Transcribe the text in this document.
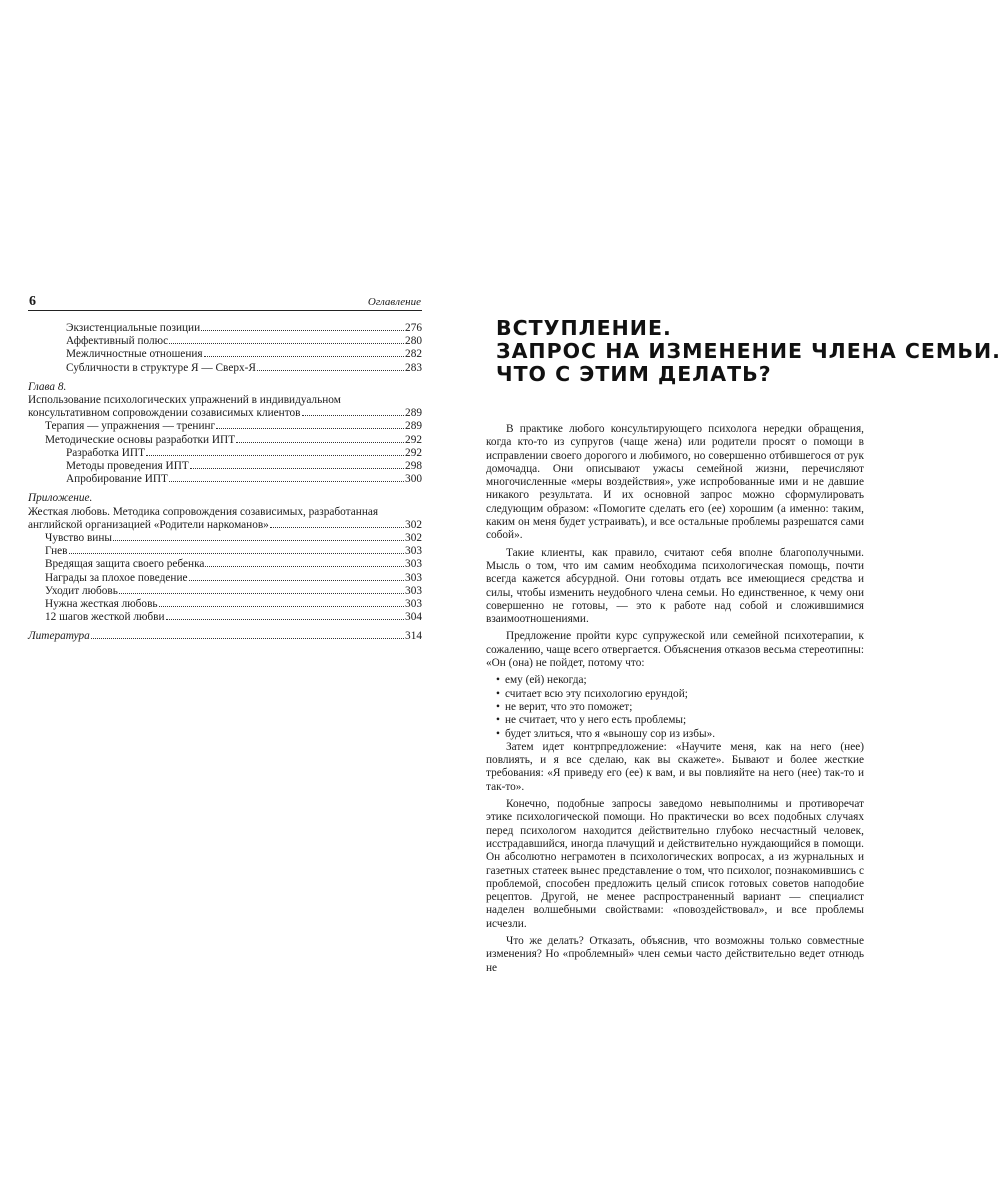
6	Оглавление
Экзистенциальные позиции	276
Аффективный полюс	280
Межличностные отношения	282
Субличности в структуре Я — Сверх-Я	283
Глава 8.
Использование психологических упражнений в индивидуальном
консультативном сопровождении созависимых клиентов	289
Терапия — упражнения — тренинг	289
Методические основы разработки ИПТ	292
Разработка ИПТ	292
Методы проведения ИПТ	298
Апробирование ИПТ	300
Приложение.
Жесткая любовь. Методика сопровождения созависимых, разработанная
английской организацией «Родители наркоманов»	302
Чувство вины	302
Гнев	303
Вредящая защита своего ребенка	303
Награды за плохое поведение	303
Уходит любовь	303
Нужна жесткая любовь	303
12 шагов жесткой любви	304
Литература	314
ВСТУПЛЕНИЕ.
ЗАПРОС НА ИЗМЕНЕНИЕ ЧЛЕНА СЕМЬИ.
ЧТО С ЭТИМ ДЕЛАТЬ?

В практике любого консультирующего психолога нередки обращения, когда кто-то из супругов (чаще жена) или родители просят о помощи в исправлении своего дорогого и любимого, но совершенно отбившегося от рук домочадца. Они описывают ужасы семейной жизни, перечисляют многочисленные «меры воздействия», уже испробованные ими и не давшие никакого результата. И их основной запрос можно сформулировать следующим образом: «Помогите сделать его (ее) хорошим (а именно: таким, каким он меня будет устраивать), и все остальные проблемы разрешатся сами собой».

Такие клиенты, как правило, считают себя вполне благополучными. Мысль о том, что им самим необходима психологическая помощь, почти всегда кажется абсурдной. Они готовы отдать все имеющиеся средства и силы, чтобы изменить неудобного члена семьи. Но единственное, к чему они совершенно не готовы, — это к работе над собой и сложившимися взаимоотношениями.

Предложение пройти курс супружеской или семейной психотерапии, к сожалению, чаще всего отвергается. Объяснения отказов весьма стереотипны: «Он (она) не пойдет, потому что:

• ему (ей) некогда;
• считает всю эту психологию ерундой;
• не верит, что это поможет;
• не считает, что у него есть проблемы;
• будет злиться, что я «выношу сор из избы».

Затем идет контрпредложение: «Научите меня, как на него (нее) повлиять, и я все сделаю, как вы скажете». Бывают и более жесткие требования: «Я приведу его (ее) к вам, и вы повлияйте на него (нее) так-то и так-то».

Конечно, подобные запросы заведомо невыполнимы и противоречат этике психологической помощи. Но практически во всех подобных случаях перед психологом находится действительно глубоко несчастный человек, исстрадавшийся, иногда плачущий и действительно нуждающийся в помощи. Он абсолютно неграмотен в психологических вопросах, а из журнальных и газетных статеек вынес представление о том, что психолог, познакомившись с проблемой, способен предложить целый список готовых советов наподобие рецептов. Другой, не менее распространенный вариант — специалист наделен волшебными свойствами: «повоздействовал», и все проблемы исчезли.

Что же делать? Отказать, объяснив, что возможны только совместные изменения? Но «проблемный» член семьи часто действительно ведет отнюдь не
